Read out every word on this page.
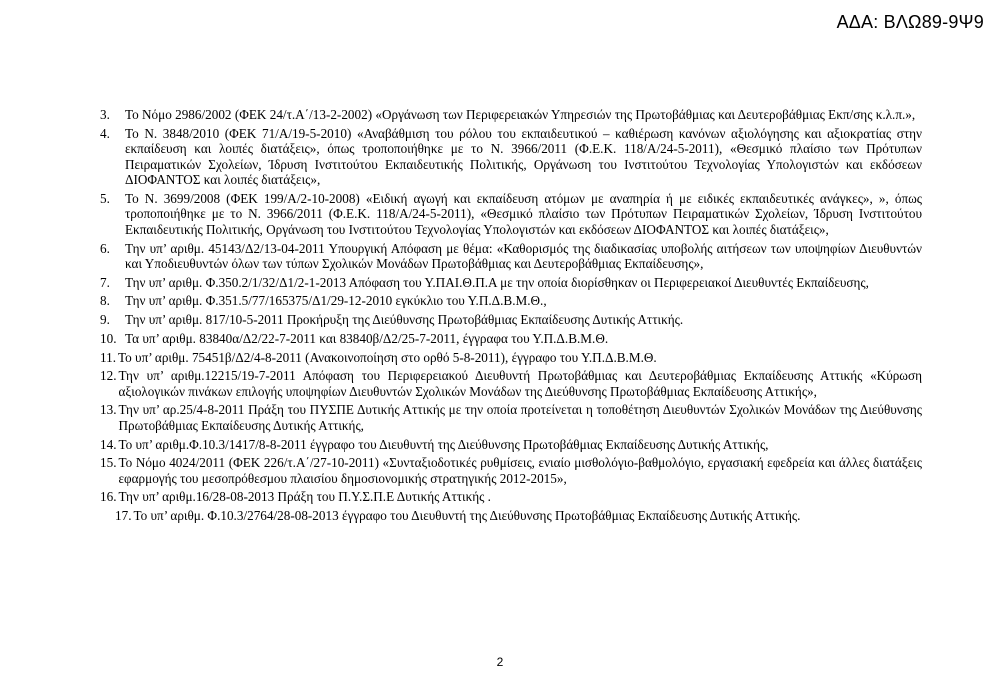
ΑΔΑ: ΒΛΩ89-9Ψ9
3.	Το Νόμο 2986/2002 (ΦΕΚ 24/τ.Α΄/13-2-2002) «Οργάνωση των Περιφερειακών Υπηρεσιών της Πρωτοβάθμιας και Δευτεροβάθμιας Εκπ/σης κ.λ.π.»,
4.	Το Ν. 3848/2010 (ΦΕΚ 71/Α/19-5-2010) «Αναβάθμιση του ρόλου του εκπαιδευτικού – καθιέρωση κανόνων αξιολόγησης και αξιοκρατίας στην εκπαίδευση και λοιπές διατάξεις», όπως τροποποιήθηκε με το Ν. 3966/2011 (Φ.Ε.Κ. 118/Α/24-5-2011), «Θεσμικό πλαίσιο των Πρότυπων Πειραματικών Σχολείων, Ίδρυση Ινστιτούτου Εκπαιδευτικής Πολιτικής, Οργάνωση του Ινστιτούτου Τεχνολογίας Υπολογιστών και εκδόσεων ΔΙΟΦΑΝΤΟΣ και λοιπές διατάξεις»,
5.	Το Ν. 3699/2008 (ΦΕΚ 199/Α/2-10-2008) «Ειδική αγωγή και εκπαίδευση ατόμων με αναπηρία ή με ειδικές εκπαιδευτικές ανάγκες», », όπως τροποποιήθηκε με το Ν. 3966/2011 (Φ.Ε.Κ. 118/Α/24-5-2011), «Θεσμικό πλαίσιο των Πρότυπων Πειραματικών Σχολείων, Ίδρυση Ινστιτούτου Εκπαιδευτικής Πολιτικής, Οργάνωση του Ινστιτούτου Τεχνολογίας Υπολογιστών και εκδόσεων ΔΙΟΦΑΝΤΟΣ και λοιπές διατάξεις»,
6.	Την υπ’ αριθμ. 45143/Δ2/13-04-2011 Υπουργική Απόφαση με θέμα: «Καθορισμός της διαδικασίας υποβολής αιτήσεων των υποψηφίων Διευθυντών και Υποδιευθυντών όλων των τύπων Σχολικών Μονάδων Πρωτοβάθμιας και Δευτεροβάθμιας Εκπαίδευσης»,
7.	Την υπ’ αριθμ. Φ.350.2/1/32/Δ1/2-1-2013 Απόφαση του Υ.ΠΑΙ.Θ.Π.Α με την οποία διορίσθηκαν οι Περιφερειακοί Διευθυντές Εκπαίδευσης,
8.	Την υπ’ αριθμ. Φ.351.5/77/165375/Δ1/29-12-2010 εγκύκλιο του Υ.Π.Δ.Β.Μ.Θ.,
9.	Την υπ’ αριθμ. 817/10-5-2011 Προκήρυξη της Διεύθυνσης Πρωτοβάθμιας Εκπαίδευσης Δυτικής Αττικής.
10. Τα υπ’ αριθμ. 83840α/Δ2/22-7-2011 και 83840β/Δ2/25-7-2011, έγγραφα του Υ.Π.Δ.Β.Μ.Θ.
11. Το υπ’ αριθμ. 75451β/Δ2/4-8-2011 (Ανακοινοποίηση στο ορθό 5-8-2011), έγγραφο του Υ.Π.Δ.Β.Μ.Θ.
12. Την υπ’ αριθμ.12215/19-7-2011 Απόφαση του Περιφερειακού Διευθυντή Πρωτοβάθμιας και Δευτεροβάθμιας Εκπαίδευσης Αττικής «Κύρωση αξιολογικών πινάκων επιλογής υποψηφίων Διευθυντών Σχολικών Μονάδων της Διεύθυνσης Πρωτοβάθμιας Εκπαίδευσης Αττικής»,
13. Την υπ’ αρ.25/4-8-2011 Πράξη του ΠΥΣΠΕ Δυτικής Αττικής με την οποία προτείνεται η τοποθέτηση Διευθυντών Σχολικών Μονάδων της Διεύθυνσης Πρωτοβάθμιας Εκπαίδευσης Δυτικής Αττικής,
14. Το υπ’ αριθμ.Φ.10.3/1417/8-8-2011 έγγραφο του Διευθυντή της Διεύθυνσης Πρωτοβάθμιας Εκπαίδευσης Δυτικής Αττικής,
15. Το Νόμο 4024/2011 (ΦΕΚ 226/τ.Α΄/27-10-2011) «Συνταξιοδοτικές ρυθμίσεις, ενιαίο μισθολόγιο-βαθμολόγιο, εργασιακή εφεδρεία και άλλες διατάξεις εφαρμογής του μεσοπρόθεσμου πλαισίου δημοσιονομικής στρατηγικής 2012-2015»,
16. Την υπ’ αριθμ.16/28-08-2013 Πράξη του Π.Υ.Σ.Π.Ε Δυτικής Αττικής .
17. Το υπ’ αριθμ. Φ.10.3/2764/28-08-2013 έγγραφο του Διευθυντή της Διεύθυνσης Πρωτοβάθμιας Εκπαίδευσης Δυτικής Αττικής.
2
